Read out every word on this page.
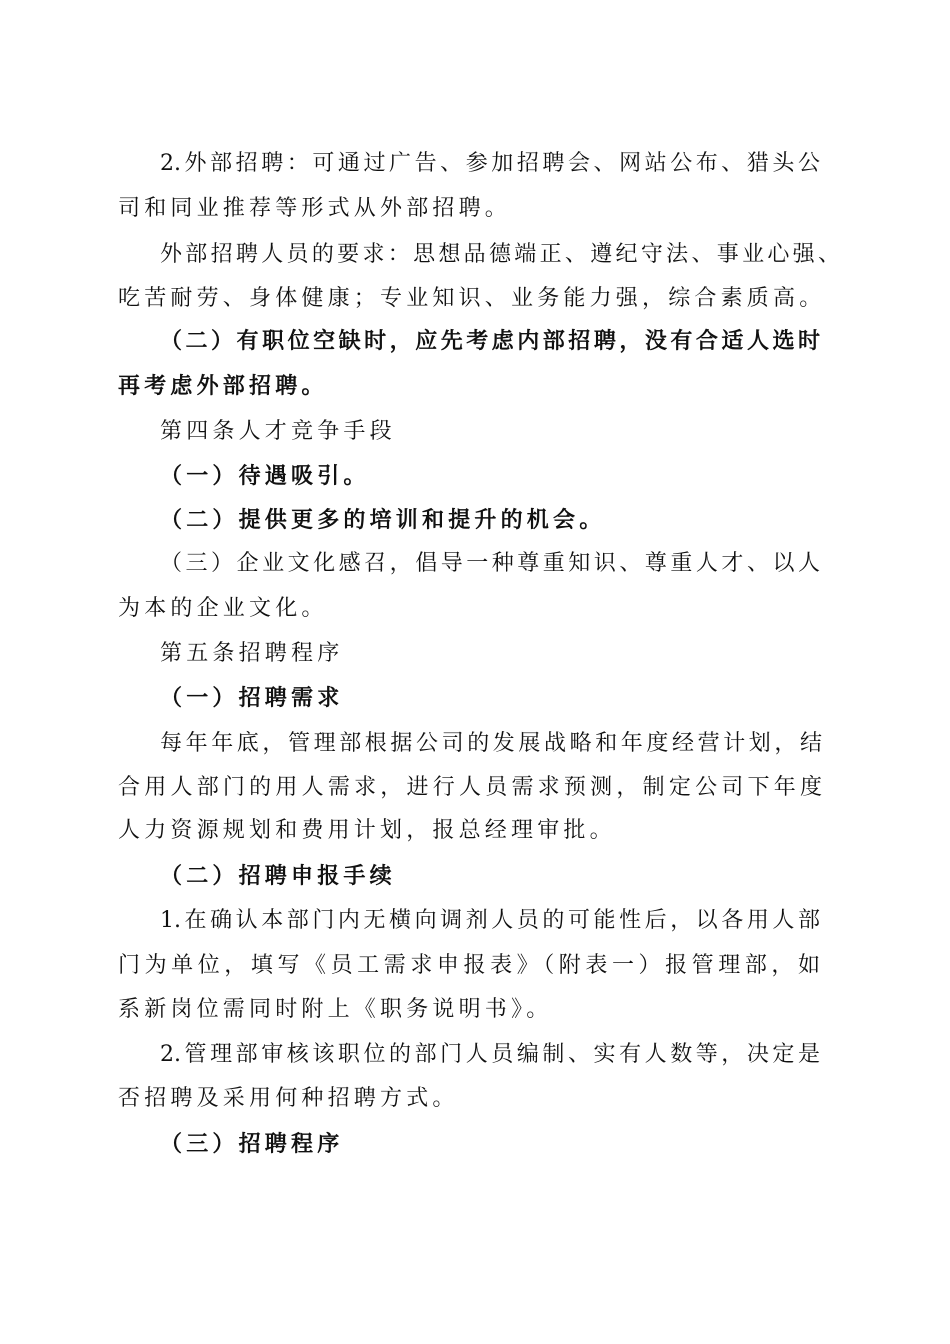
2.外部招聘：可通过广告、参加招聘会、网站公布、猎头公

司和同业推荐等形式从外部招聘。

外部招聘人员的要求：思想品德端正、遵纪守法、事业心强、

吃苦耐劳、身体健康；专业知识、业务能力强，综合素质高。

（二）有职位空缺时，应先考虑内部招聘，没有合适人选时

再考虑外部招聘。

第四条人才竞争手段

（一）待遇吸引。

（二）提供更多的培训和提升的机会。

（三）企业文化感召，倡导一种尊重知识、尊重人才、以人

为本的企业文化。

第五条招聘程序

（一）招聘需求

每年年底，管理部根据公司的发展战略和年度经营计划，结

合用人部门的用人需求，进行人员需求预测，制定公司下年度

人力资源规划和费用计划，报总经理审批。

（二）招聘申报手续

1.在确认本部门内无横向调剂人员的可能性后，以各用人部

门为单位，填写《员工需求申报表》（附表一）报管理部，如

系新岗位需同时附上《职务说明书》。

2.管理部审核该职位的部门人员编制、实有人数等，决定是

否招聘及采用何种招聘方式。

（三）招聘程序
